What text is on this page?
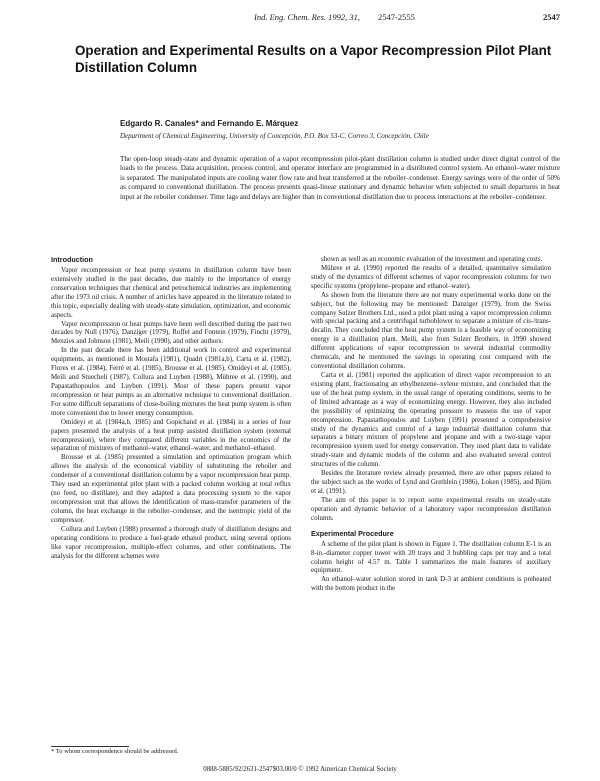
Ind. Eng. Chem. Res. 1992, 31, 2547-2555	2547
Operation and Experimental Results on a Vapor Recompression Pilot Plant Distillation Column
Edgardo R. Canales* and Fernando E. Márquez
Department of Chemical Engineering, University of Concepción, P.O. Box 53-C, Correo 3, Concepción, Chile
The open-loop steady-state and dynamic operation of a vapor recompression pilot-plant distillation column is studied under direct digital control of the loads to the process. Data acquisition, process control, and operator interface are programmed in a distributed control system. An ethanol–water mixture is separated. The manipulated inputs are cooling water flow rate and heat transferred at the reboiler–condenser. Energy savings were of the order of 50% as compared to conventional distillation. The process presents quasi-linear stationary and dynamic behavior when subjected to small departures in heat input at the reboiler condenser. Time lags and delays are higher than in conventional distillation due to process interactions at the reboiler–condenser.
Introduction

Vapor recompression or heat pump systems in distillation column have been extensively studied in the past decades, due mainly to the importance of energy conservation techniques that chemical and petrochemical industries are implementing after the 1973 oil crisis. A number of articles have appeared in the literature related to this topic, especially dealing with steady-state simulation, optimization, and economic aspects.

Vapor recompression or heat pumps have been well described during the past two decades by Null (1976), Danziger (1979), Roffel and Fontein (1979), Fincht (1979), Menzies and Johnson (1981), Meili (1990), and other authors.

In the past decade there has been additional work in control and experimental equipments, as mentioned in Mostafa (1981), Quadri (1981a,b), Carta et al. (1982), Flores et al. (1984), Ferré et al. (1985), Brousse et al. (1985), Omideyi et al. (1985), Meili and Stuecheli (1987), Collura and Luyben (1988), Mühree et al. (1990), and Papastathopoulos and Luyben (1991). Most of these papers present vapor recompression or heat pumps as an alternative technique to conventional distillation. For some difficult separations of close-boiling mixtures the heat pump system is often more convenient due to lower energy consumption.

Omideyi et al. (1984a,b, 1985) and Gopichand et al. (1984) in a series of four papers presented the analysis of a heat pump assisted distillation system (external recompression), where they compared different variables in the economics of the separation of mixtures of methanol–water, ethanol–water, and methanol–ethanol.

Brousse et al. (1985) presented a simulation and optimization program which allows the analysis of the economical viability of substituting the reboiler and condenser of a conventional distillation column by a vapor recompression heat pump. They used an experimental pilot plant with a packed column working at total reflux (no feed, no distillate), and they adapted a data processing system to the vapor recompression unit that allows the identification of mass-transfer parameters of the column, the heat exchange in the reboiler–condenser, and the isentropic yield of the compressor.

Collura and Luyben (1988) presented a thorough study of distillation designs and operating conditions to produce a fuel-grade ethanol product, using several options like vapor recompression, multiple-effect columns, and other combinations. The analysis for the different schemes were

shown as well as an economic evaluation of the investment and operating costs.

Mühree et al. (1990) reported the results of a detailed, quantitative simulation study of the dynamics of different schemes of vapor recompression columns for two specific systems (propylene–propane and ethanol–water).

As shown from the literature there are not many experimental works done on the subject, but the following may be mentioned: Danziger (1979), from the Swiss company Sulzer Brothers Ltd., used a pilot plant using a vapor recompression column with special packing and a centrifugal turboblower to separate a mixture of cis-/trans-decalin. They concluded that the heat pump system is a feasible way of economizing energy in a distillation plant. Meili, also from Sulzer Brothers, in 1990 showed different applications of vapor recompression to several industrial commodity chemicals, and he mentioned the savings in operating cost compared with the conventional distillation columns.

Carta et al. (1981) reported the application of direct vapor recompression to an existing plant, fractionating an ethylbenzene–xylene mixture, and concluded that the use of the heat pump system, in the usual range of operating conditions, seems to be of limited advantage as a way of economizing energy. However, they also included the possibility of optimizing the operating pressure to reassess the use of vapor recompression. Papastathopoulos and Luyben (1991) presented a comprehensive study of the dynamics and control of a large industrial distillation column that separates a binary mixture of propylene and propane and with a two-stage vapor recompression system used for energy conservation. They used plant data to validate steady-state and dynamic models of the column and also evaluated several control structures of the column.

Besides the literature review already presented, there are other papers related to the subject such as the works of Lynd and Grethlein (1986), Loken (1985), and Björn et al. (1991).

The aim of this paper is to report some experimental results on steady-state operation and dynamic behavior of a laboratory vapor recompression distillation column.

Experimental Procedure

A scheme of the pilot plant is shown in Figure 1. The distillation column E-1 is an 8-in.-diameter copper tower with 20 trays and 3 bubbling caps per tray and a total column height of 4.57 m. Table I summarizes the main features of auxiliary equipment.

An ethanol–water solution stored in tank D-3 at ambient conditions is preheated with the bottom product in the

* To whom correspondence should be addressed.
0888-5885/92/2631-2547$03.00/0 © 1992 American Chemical Society
